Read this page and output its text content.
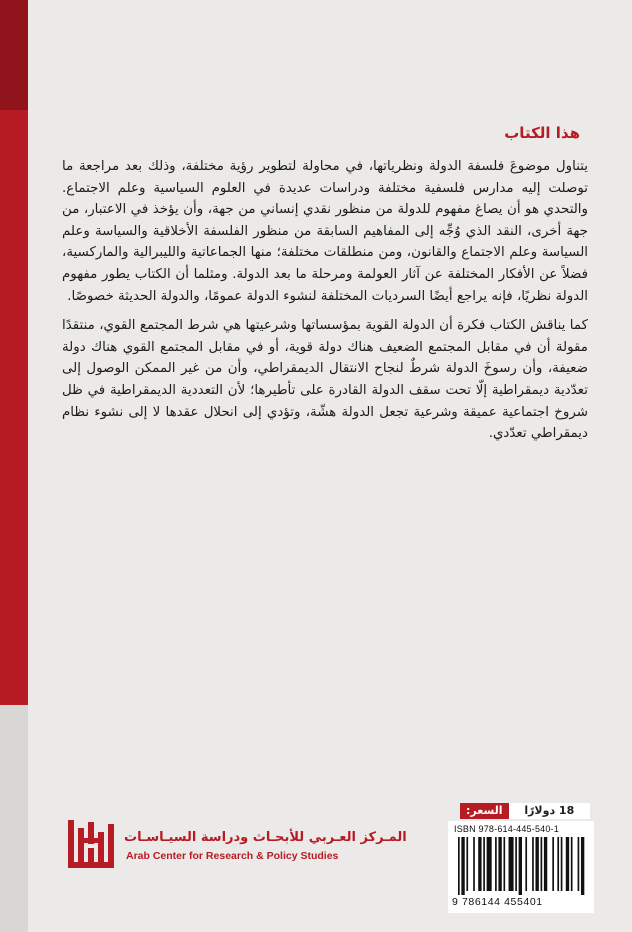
هذا الكتاب

يتناول موضوعَ فلسفة الدولة ونظرياتها، في محاولة لتطوير رؤية مختلفة، وذلك بعد مراجعة ما توصلت إليه مدارس فلسفية مختلفة ودراسات عديدة في العلوم السياسية وعلم الاجتماع. والتحدي هو أن يصاغ مفهوم للدولة من منظور نقدي إنساني من جهة، وأن يؤخذ في الاعتبار، من جهة أخرى، النقد الذي وُجِّه إلى المفاهيم السابقة من منظور الفلسفة الأخلاقية والسياسة وعلم السياسة وعلم الاجتماع والقانون، ومن منطلقات مختلفة؛ منها الجماعاتية والليبرالية والماركسية، فضلاً عن الأفكار المختلفة عن آثار العولمة ومرحلة ما بعد الدولة. ومثلما أن الكتاب يطور مفهوم الدولة نظريًا، فإنه يراجع أيضًا السرديات المختلفة لنشوء الدولة عمومًا، والدولة الحديثة خصوصًا.

كما يناقش الكتاب فكرة أن الدولة القوية بمؤسساتها وشرعيتها هي شرط المجتمع القوي، منتقدًا مقولة أن في مقابل المجتمع الضعيف هناك دولة قوية، أو في مقابل المجتمع القوي هناك دولة ضعيفة، وأن رسوخَ الدولة شرطٌ لنجاح الانتقال الديمقراطي، وأن من غير الممكن الوصول إلى تعدّدية ديمقراطية إلّا تحت سقف الدولة القادرة على تأطيرها؛ لأن التعددية الديمقراطية في ظل شروخ اجتماعية عميقة وشرعية تجعل الدولة هشّة، وتؤدي إلى انحلال عقدها لا إلى نشوء نظام ديمقراطي تعدّدي.

السعر:	18 دولارًا

ISBN 978-614-445-540-1

9 786144 455401

المـركز العـربي للأبحـاث ودراسة السيـاسـات

Arab Center for Research & Policy Studies
